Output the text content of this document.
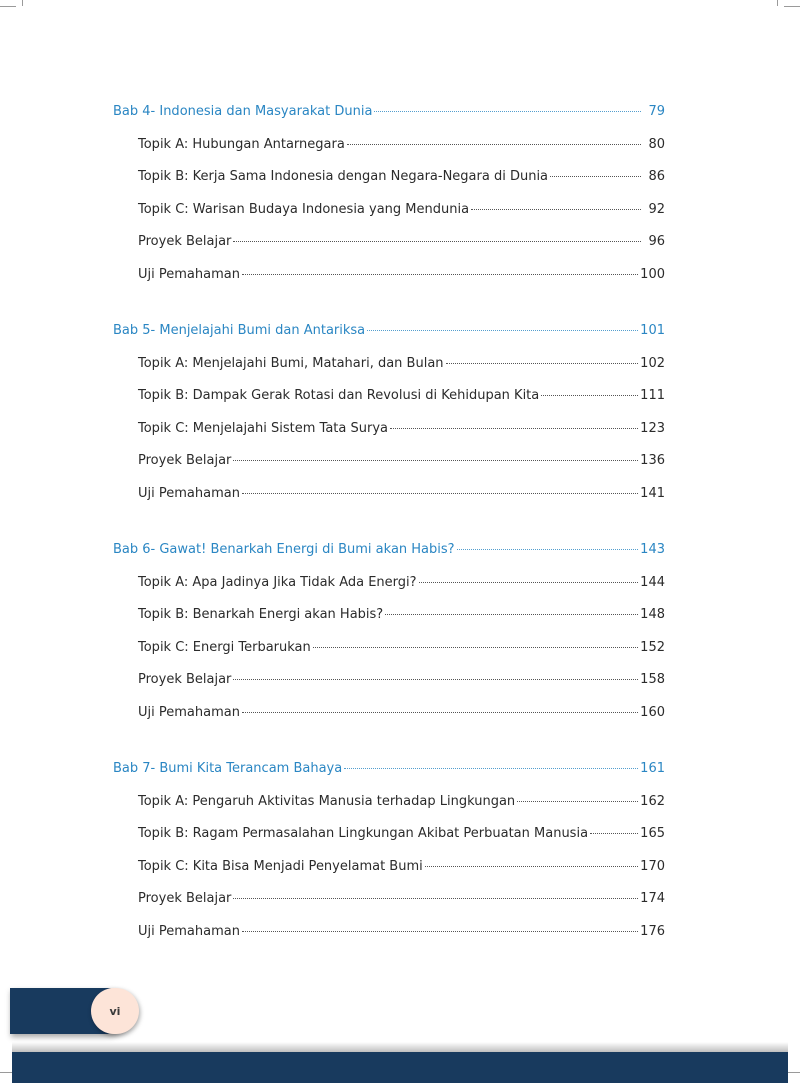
Bab 4- Indonesia dan Masyarakat Dunia	79
Topik A: Hubungan Antarnegara	80
Topik B: Kerja Sama Indonesia dengan Negara-Negara di Dunia	86
Topik C: Warisan Budaya Indonesia yang Mendunia	92
Proyek Belajar	96
Uji Pemahaman	100
Bab 5- Menjelajahi Bumi dan Antariksa	101
Topik A: Menjelajahi Bumi, Matahari, dan Bulan	102
Topik B: Dampak Gerak Rotasi dan Revolusi di Kehidupan Kita	111
Topik C: Menjelajahi Sistem Tata Surya	123
Proyek Belajar	136
Uji Pemahaman	141
Bab 6- Gawat! Benarkah Energi di Bumi akan Habis?	143
Topik A: Apa Jadinya Jika Tidak Ada Energi?	144
Topik B: Benarkah Energi akan Habis?	148
Topik C: Energi Terbarukan	152
Proyek Belajar	158
Uji Pemahaman	160
Bab 7- Bumi Kita Terancam Bahaya	161
Topik A: Pengaruh Aktivitas Manusia terhadap Lingkungan	162
Topik B: Ragam Permasalahan Lingkungan Akibat Perbuatan Manusia	165
Topik C: Kita Bisa Menjadi Penyelamat Bumi	170
Proyek Belajar	174
Uji Pemahaman	176
vi
